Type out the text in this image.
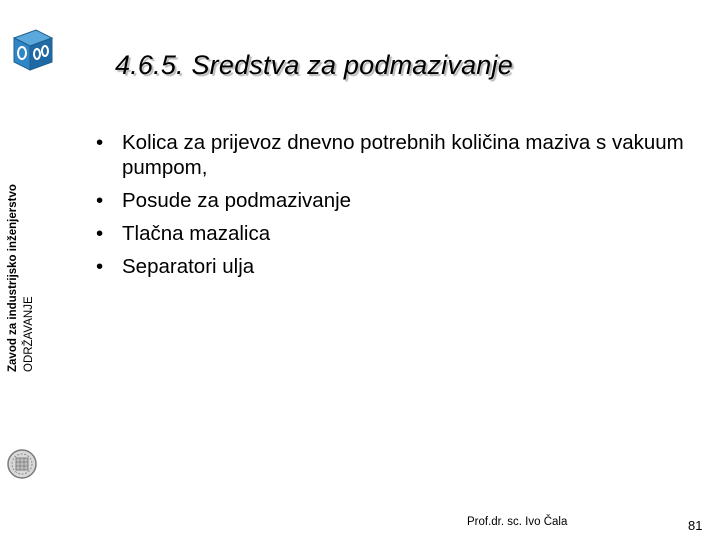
Zavod za industrijsko inženjerstvo ODRŽAVANJE
4.6.5. Sredstva za podmazivanje
• Kolica za prijevoz dnevno potrebnih količina maziva s vakuum pumpom,
• Posude za podmazivanje
• Tlačna mazalica
• Separatori ulja
Prof.dr. sc. Ivo Čala	81
